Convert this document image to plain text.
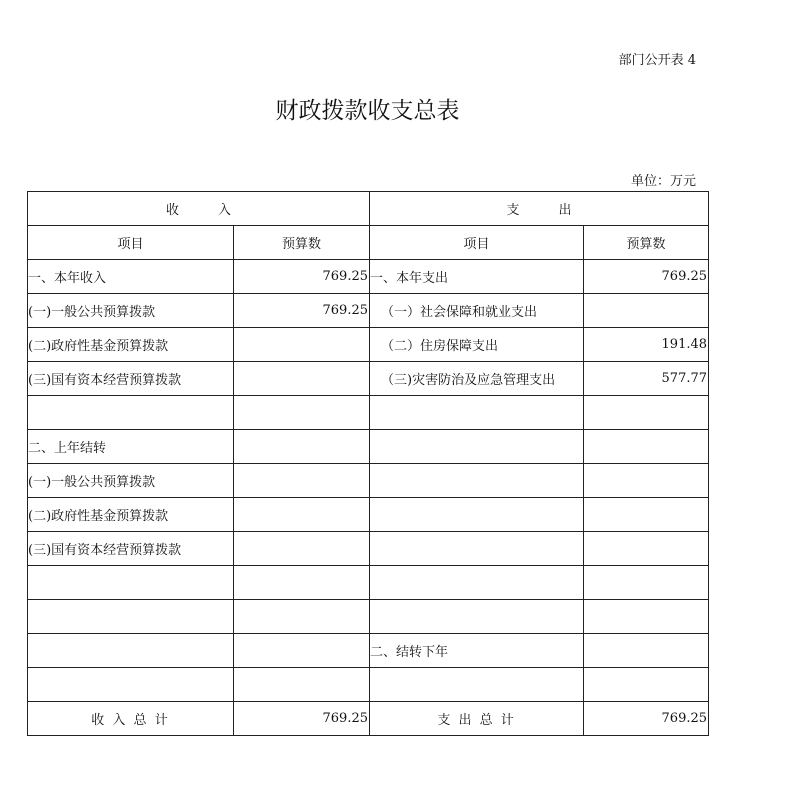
部门公开表 4
财政拨款收支总表
单位：万元
收　　　入		支　　　出	
项目	预算数	项目	预算数
一、本年收入	769.25	一、本年支出	769.25
(一)一般公共预算拨款	769.25	（一）社会保障和就业支出	
(二)政府性基金预算拨款		（二）住房保障支出	191.48
(三)国有资本经营预算拨款		（三)灾害防治及应急管理支出	577.77

二、上年结转			
(一)一般公共预算拨款			
(二)政府性基金预算拨款			
(三)国有资本经营预算拨款			

		二、结转下年	

收 入 总 计	769.25	支 出 总 计	769.25
